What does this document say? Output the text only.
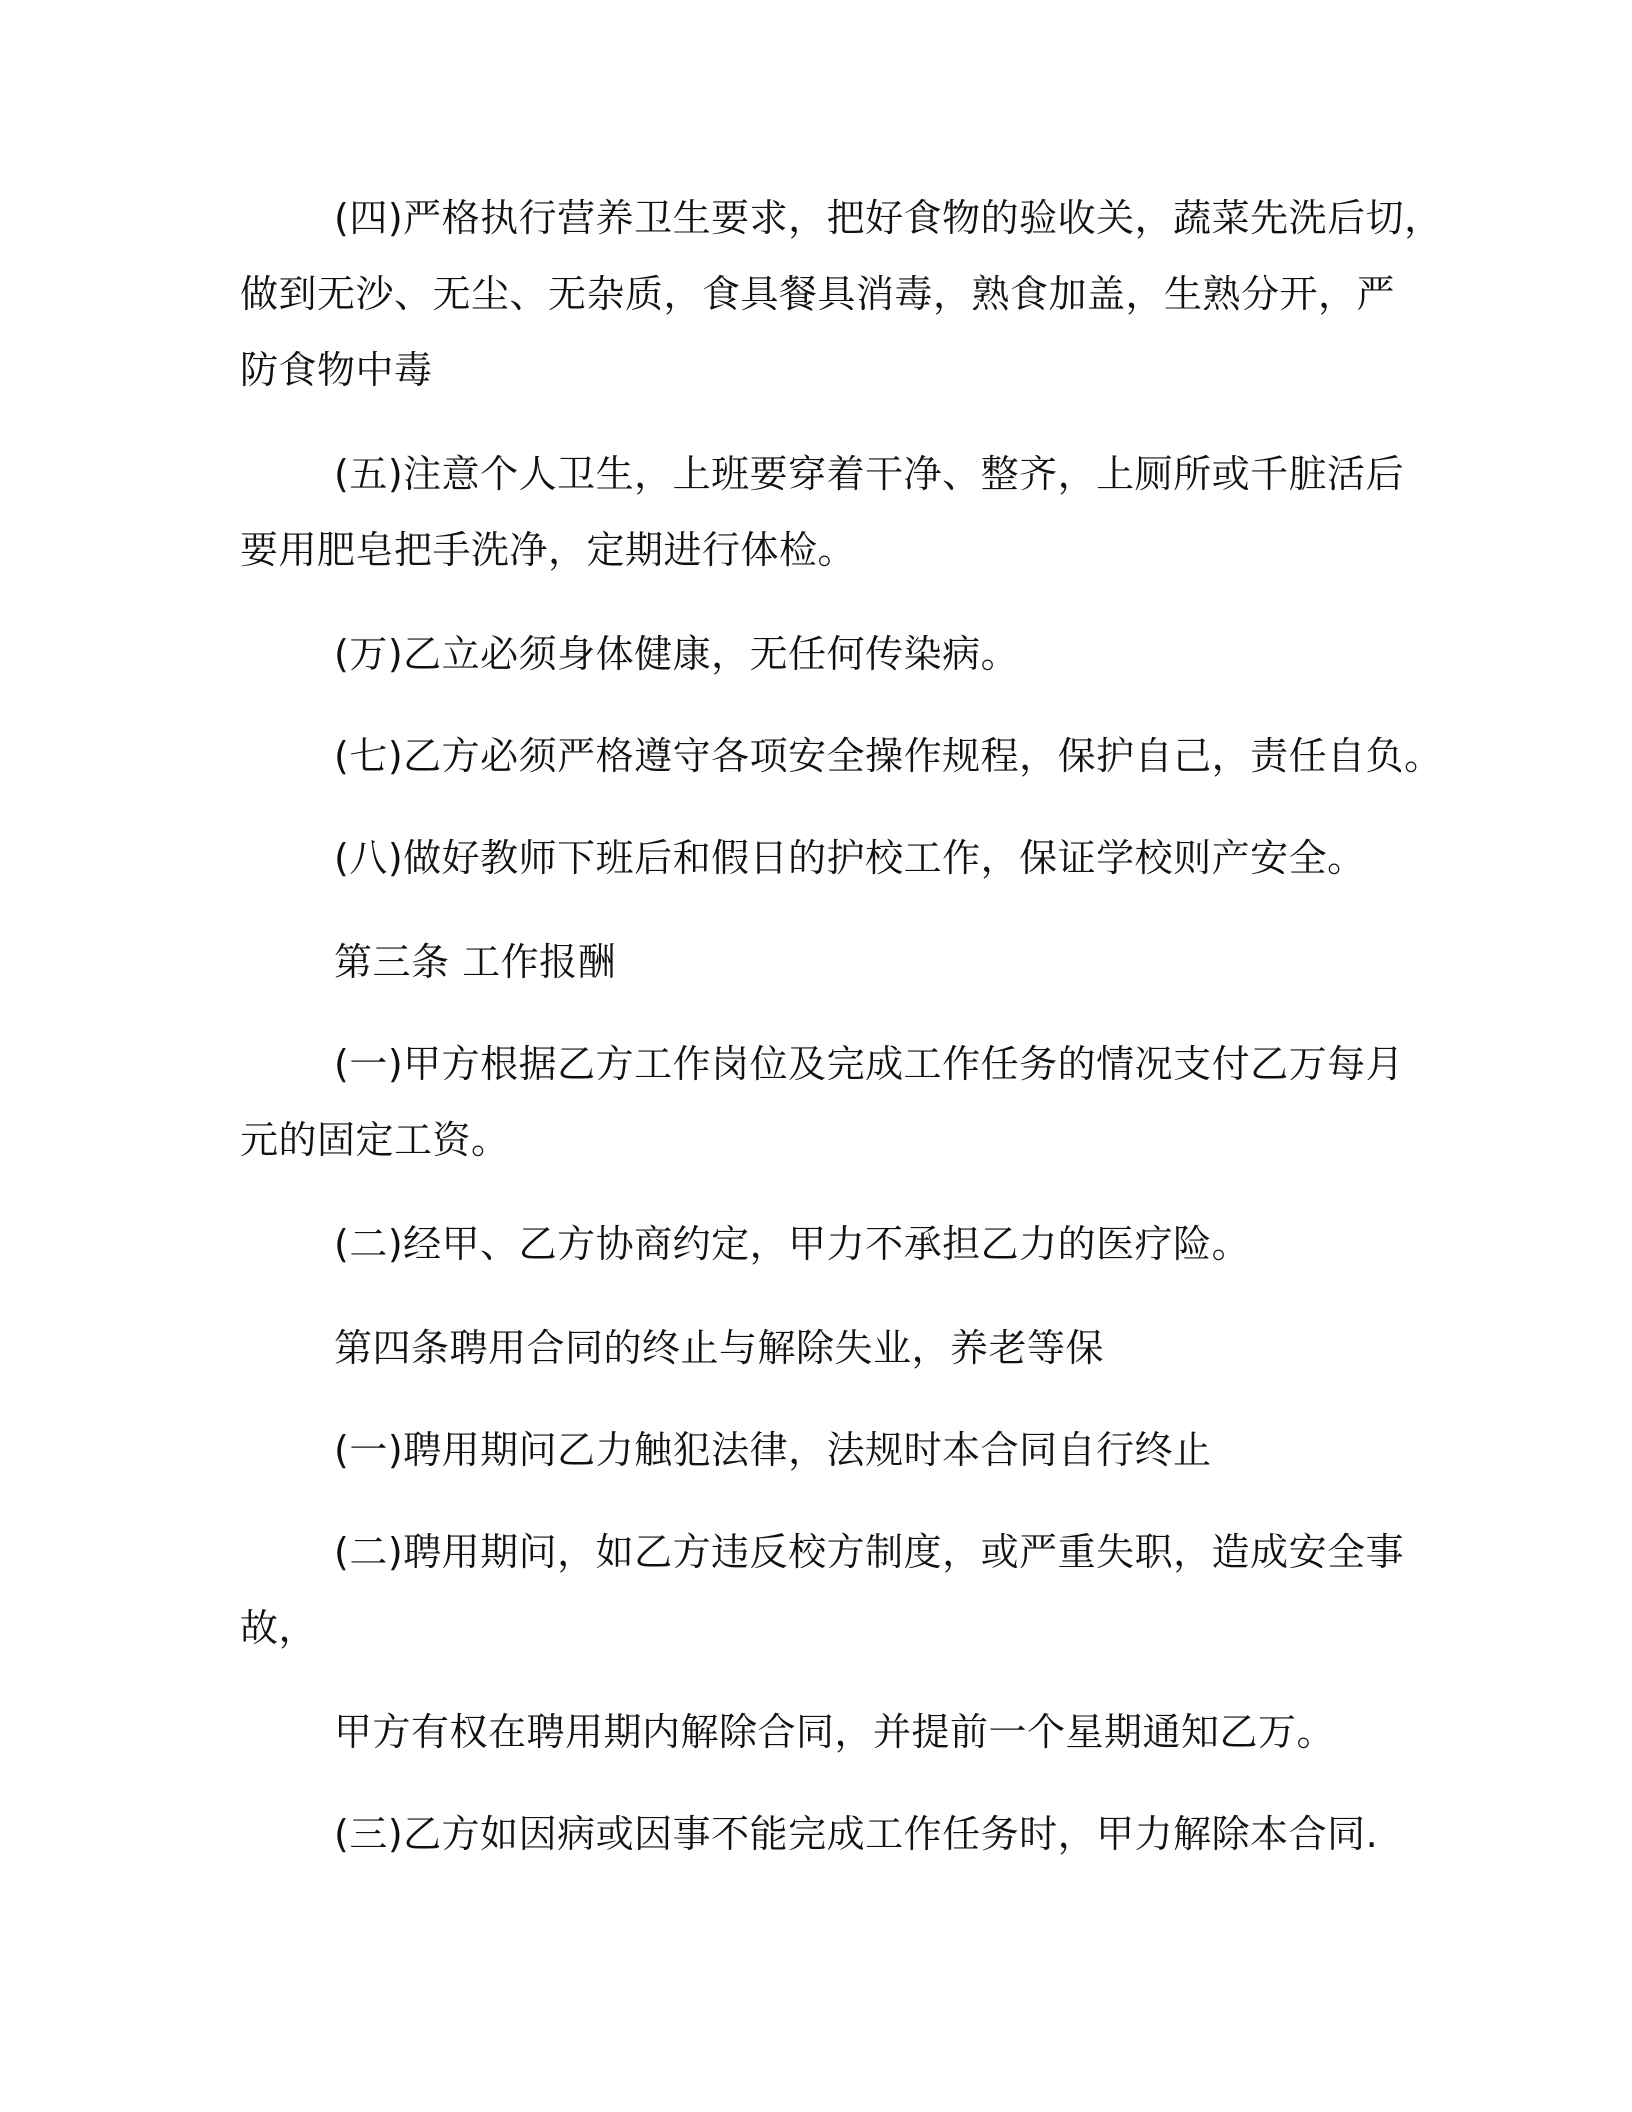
(四)严格执行营养卫生要求，把好食物的验收关，蔬菜先洗后切，
做到无沙、无尘、无杂质，食具餐具消毒，熟食加盖，生熟分开，严
防食物中毒
(五)注意个人卫生，上班要穿着干净、整齐，上厕所或千脏活后
要用肥皂把手洗净，定期进行体检。
(万)乙立必须身体健康，无任何传染病。
(七)乙方必须严格遵守各项安全操作规程，保护自己，责任自负。
(八)做好教师下班后和假日的护校工作，保证学校则产安全。
第三条 工作报酬
(一)甲方根据乙方工作岗位及完成工作任务的情况支付乙万每月
元的固定工资。
(二)经甲、乙方协商约定，甲力不承担乙力的医疗险。
第四条聘用合同的终止与解除失业，养老等保
(一)聘用期问乙力触犯法律，法规时本合同自行终止
(二)聘用期问，如乙方违反校方制度，或严重失职，造成安全事
故，
甲方有权在聘用期内解除合同，并提前一个星期通知乙万。
(三)乙方如因病或因事不能完成工作任务时，甲力解除本合同.
